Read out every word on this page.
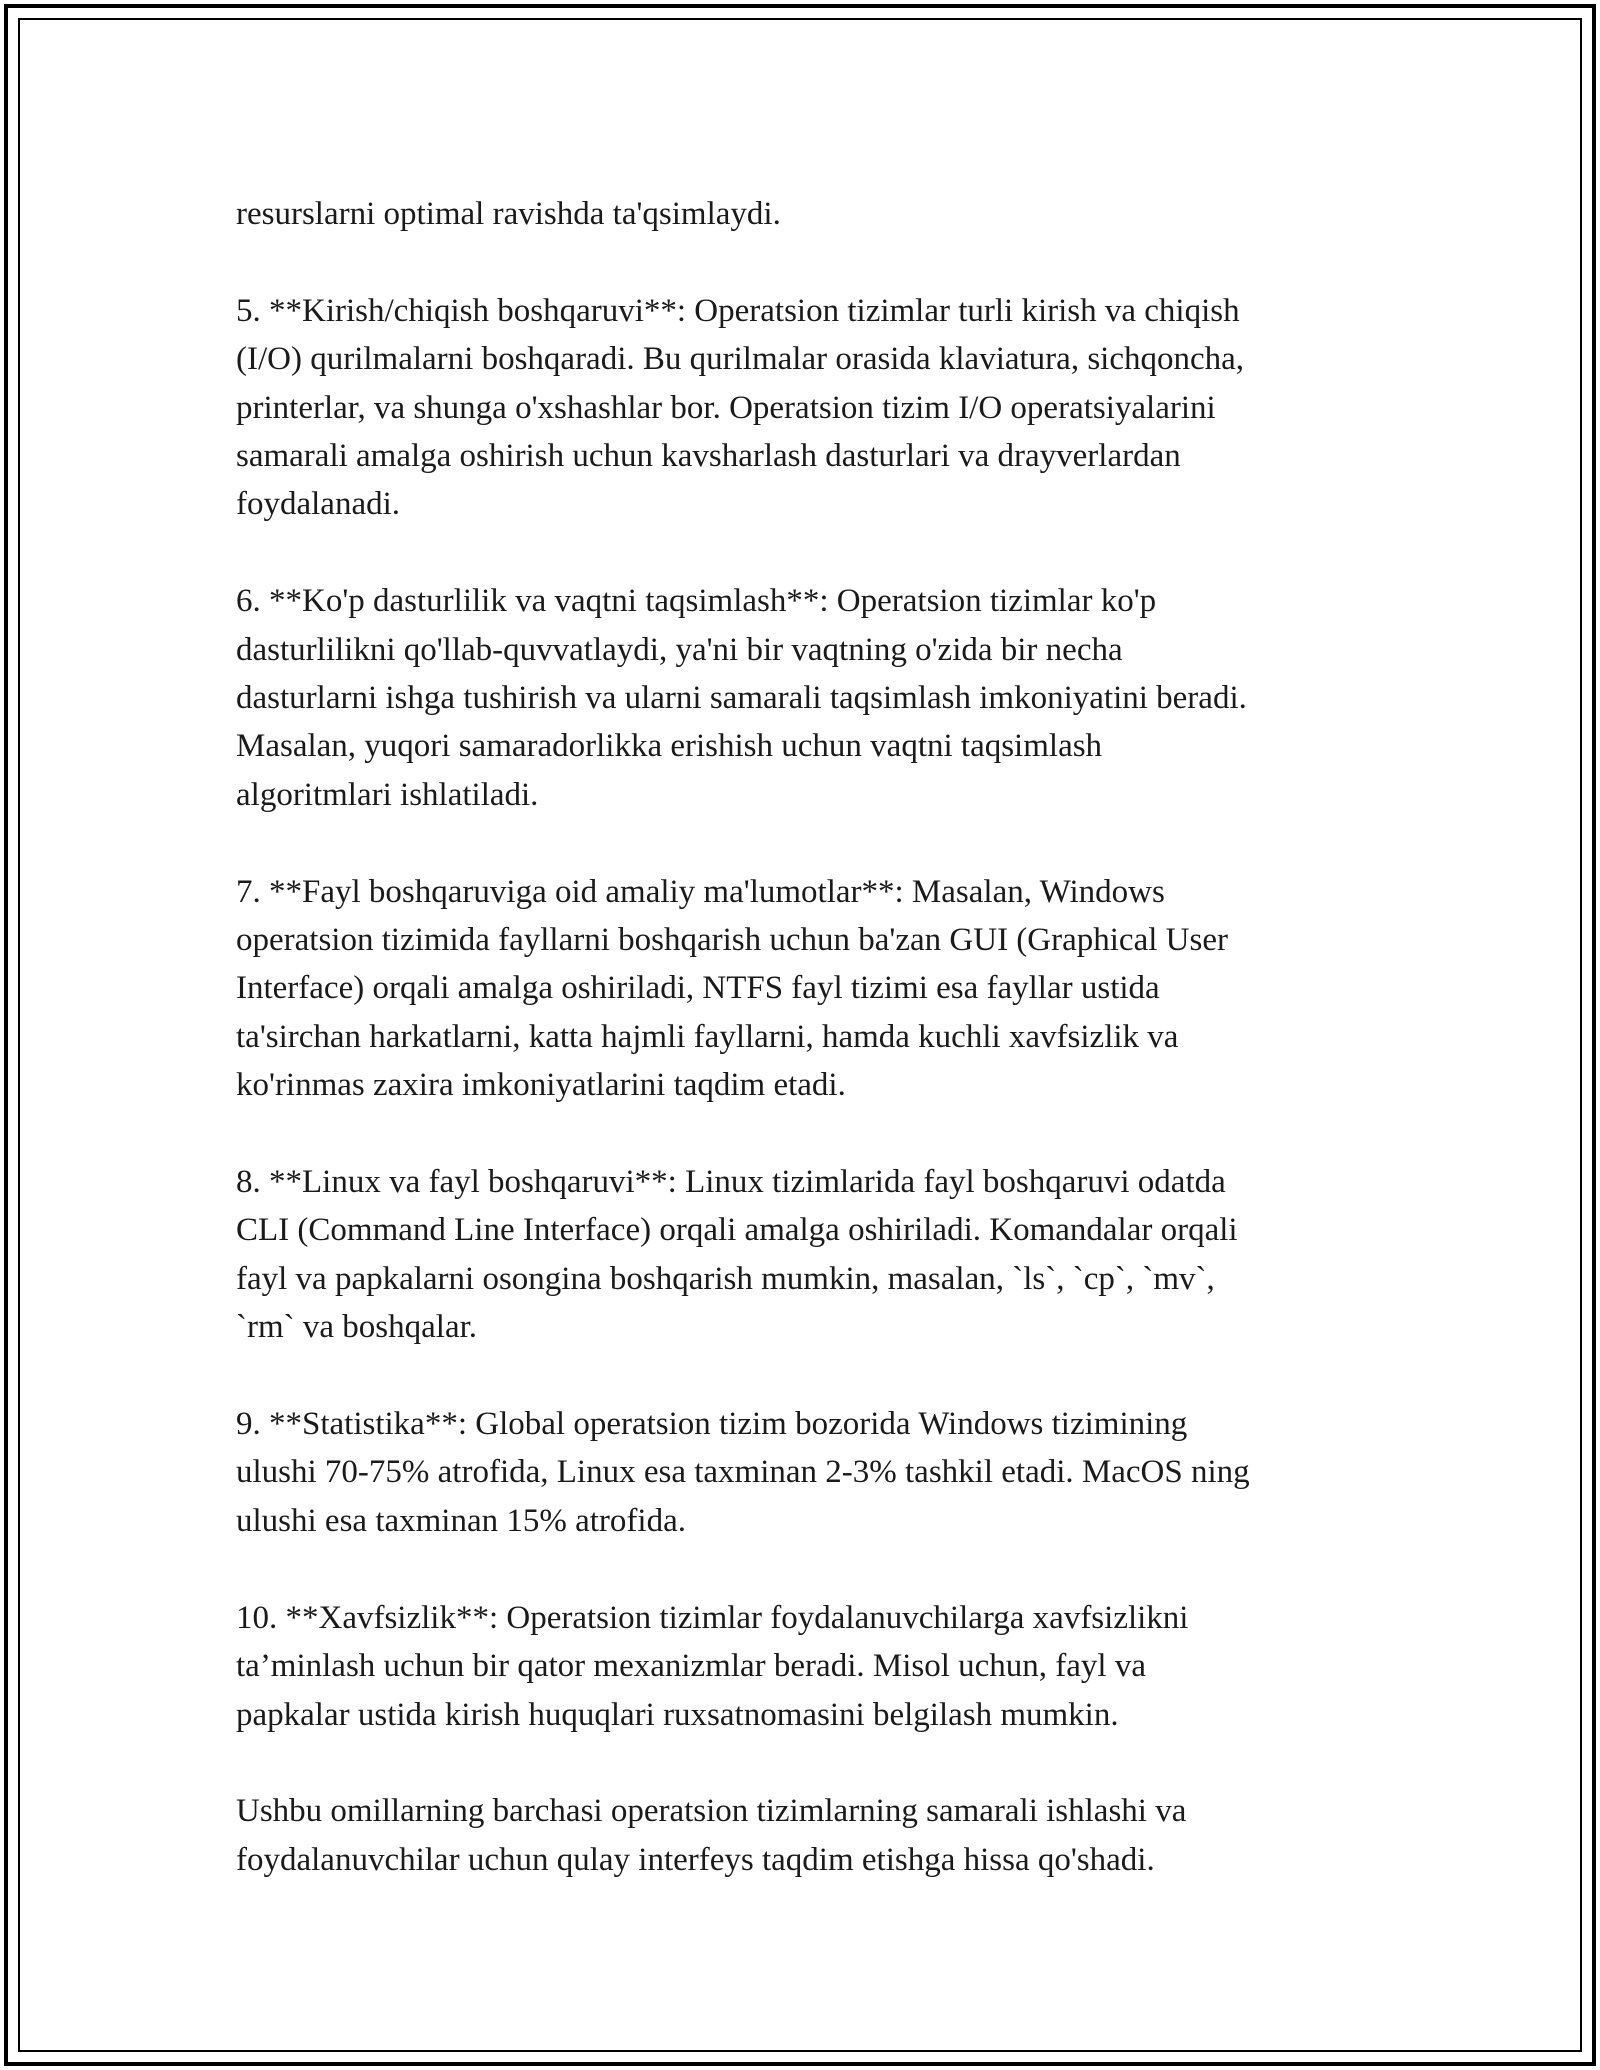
resurslarni optimal ravishda ta'qsimlaydi.

5. **Kirish/chiqish boshqaruvi**: Operatsion tizimlar turli kirish va chiqish
(I/O) qurilmalarni boshqaradi. Bu qurilmalar orasida klaviatura, sichqoncha,
printerlar, va shunga o'xshashlar bor. Operatsion tizim I/O operatsiyalarini
samarali amalga oshirish uchun kavsharlash dasturlari va drayverlardan
foydalanadi.

6. **Ko'p dasturlilik va vaqtni taqsimlash**: Operatsion tizimlar ko'p
dasturlilikni qo'llab-quvvatlaydi, ya'ni bir vaqtning o'zida bir necha
dasturlarni ishga tushirish va ularni samarali taqsimlash imkoniyatini beradi.
Masalan, yuqori samaradorlikka erishish uchun vaqtni taqsimlash
algoritmlari ishlatiladi.

7. **Fayl boshqaruviga oid amaliy ma'lumotlar**: Masalan, Windows
operatsion tizimida fayllarni boshqarish uchun ba'zan GUI (Graphical User
Interface) orqali amalga oshiriladi, NTFS fayl tizimi esa fayllar ustida
ta'sirchan harkatlarni, katta hajmli fayllarni, hamda kuchli xavfsizlik va
ko'rinmas zaxira imkoniyatlarini taqdim etadi.

8. **Linux va fayl boshqaruvi**: Linux tizimlarida fayl boshqaruvi odatda
CLI (Command Line Interface) orqali amalga oshiriladi. Komandalar orqali
fayl va papkalarni osongina boshqarish mumkin, masalan, `ls`, `cp`, `mv`,
`rm` va boshqalar.

9. **Statistika**: Global operatsion tizim bozorida Windows tizimining
ulushi 70-75% atrofida, Linux esa taxminan 2-3% tashkil etadi. MacOS ning
ulushi esa taxminan 15% atrofida.

10. **Xavfsizlik**: Operatsion tizimlar foydalanuvchilarga xavfsizlikni
ta’minlash uchun bir qator mexanizmlar beradi. Misol uchun, fayl va
papkalar ustida kirish huquqlari ruxsatnomasini belgilash mumkin.

Ushbu omillarning barchasi operatsion tizimlarning samarali ishlashi va
foydalanuvchilar uchun qulay interfeys taqdim etishga hissa qo'shadi.
